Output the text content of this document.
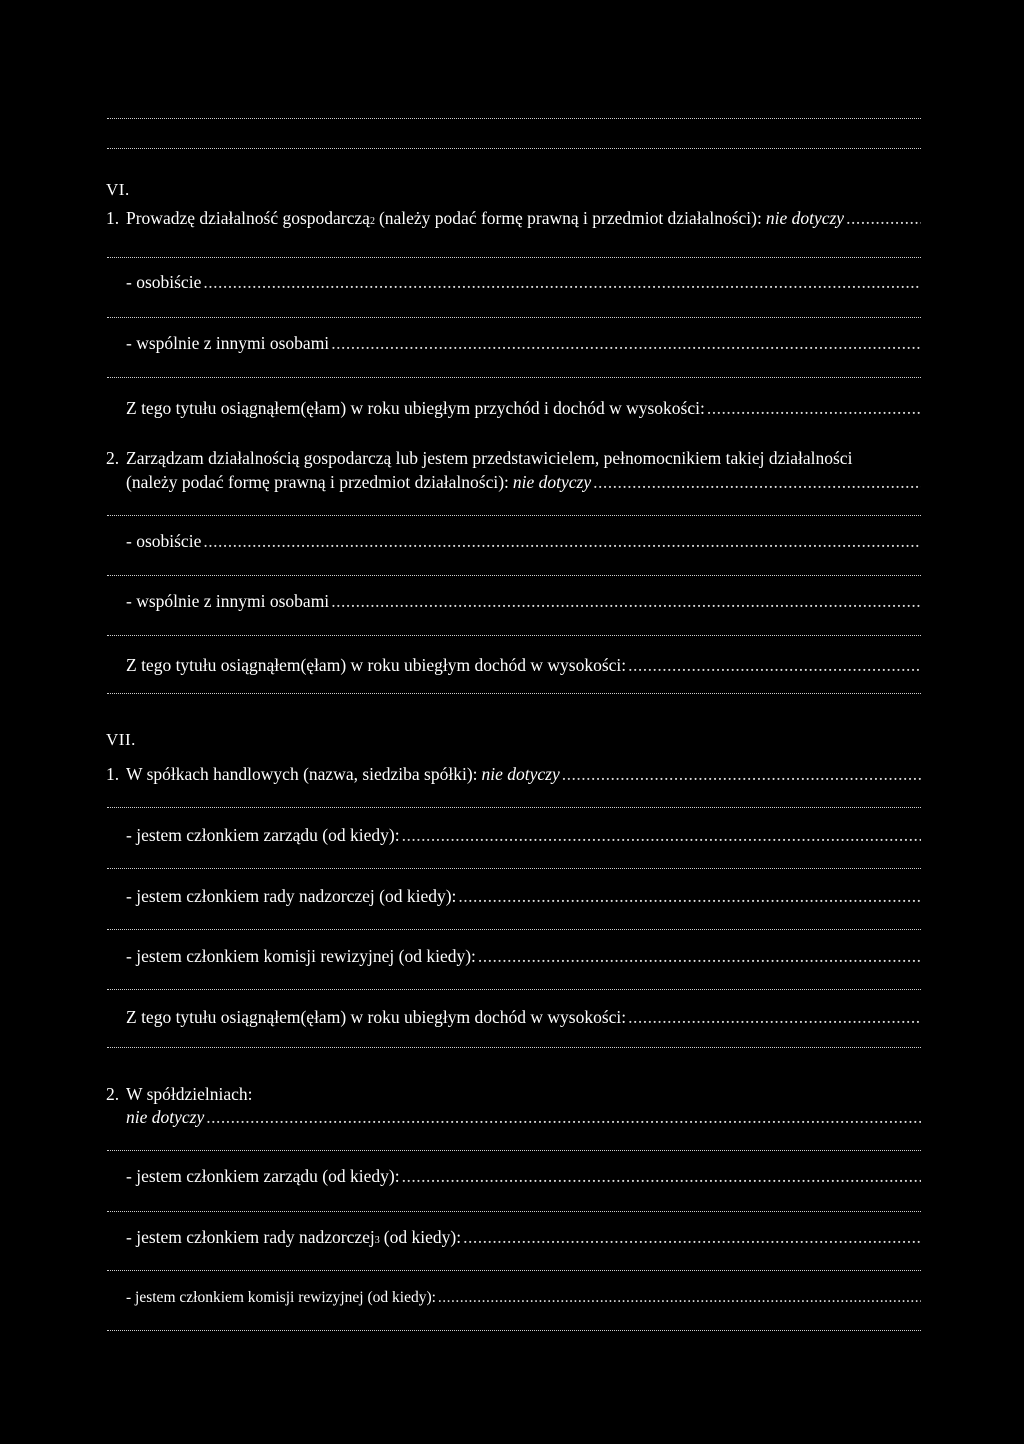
VI.
1. Prowadzę działalność gospodarczą 2 (należy podać formę prawną i przedmiot działalności): nie dotyczy
.....
- osobiście
.....
- wspólnie z innymi osobami
.....
Z tego tytułu osiągnąłem(ęłam) w roku ubiegłym przychód i dochód w wysokości:
.....
2. Zarządzam działalnością gospodarczą lub jestem przedstawicielem, pełnomocnikiem takiej działalności
(należy podać formę prawną i przedmiot działalności): nie dotyczy
.....
- osobiście
.....
- wspólnie z innymi osobami
.....
Z tego tytułu osiągnąłem(ęłam) w roku ubiegłym dochód w wysokości:
.....
VII.
1. W spółkach handlowych (nazwa, siedziba spółki): nie dotyczy
.....
- jestem członkiem zarządu (od kiedy):
.....
- jestem członkiem rady nadzorczej (od kiedy):
.....
- jestem członkiem komisji rewizyjnej (od kiedy):
.....
Z tego tytułu osiągnąłem(ęłam) w roku ubiegłym dochód w wysokości:
.....
2. W spółdzielniach:
nie dotyczy
.....
- jestem członkiem zarządu (od kiedy):
.....
- jestem członkiem rady nadzorczej 3 (od kiedy):
.....
- jestem członkiem komisji rewizyjnej (od kiedy):
.....
